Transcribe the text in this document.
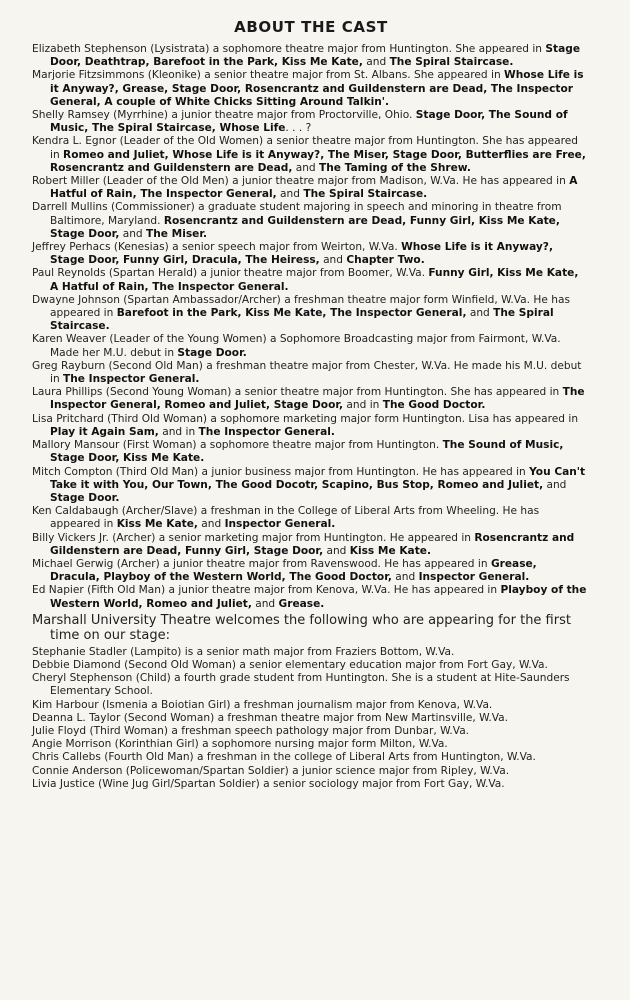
ABOUT THE CAST

Elizabeth Stephenson (Lysistrata) a sophomore theatre major from Huntington. She appeared in Stage Door, Deathtrap, Barefoot in the Park, Kiss Me Kate, and The Spiral Staircase.

Marjorie Fitzsimmons (Kleonike) a senior theatre major from St. Albans. She appeared in Whose Life is it Anyway?, Grease, Stage Door, Rosencrantz and Guildenstern are Dead, The Inspector General, A couple of White Chicks Sitting Around Talkin'.

Shelly Ramsey (Myrrhine) a junior theatre major from Proctorville, Ohio. Stage Door, The Sound of Music, The Spiral Staircase, Whose Life. . . ?

Kendra L. Egnor (Leader of the Old Women) a senior theatre major from Huntington. She has appeared in Romeo and Juliet, Whose Life is it Anyway?, The Miser, Stage Door, Butterflies are Free, Rosencrantz and Guildenstern are Dead, and The Taming of the Shrew.

Robert Miller (Leader of the Old Men) a junior theatre major from Madison, W.Va. He has appeared in A Hatful of Rain, The Inspector General, and The Spiral Staircase.

Darrell Mullins (Commissioner) a graduate student majoring in speech and minoring in theatre from Baltimore, Maryland. Rosencrantz and Guildenstern are Dead, Funny Girl, Kiss Me Kate, Stage Door, and The Miser.

Jeffrey Perhacs (Kenesias) a senior speech major from Weirton, W.Va. Whose Life is it Anyway?, Stage Door, Funny Girl, Dracula, The Heiress, and Chapter Two.

Paul Reynolds (Spartan Herald) a junior theatre major from Boomer, W.Va. Funny Girl, Kiss Me Kate, A Hatful of Rain, The Inspector General.

Dwayne Johnson (Spartan Ambassador/Archer) a freshman theatre major form Winfield, W.Va. He has appeared in Barefoot in the Park, Kiss Me Kate, The Inspector General, and The Spiral Staircase.

Karen Weaver (Leader of the Young Women) a Sophomore Broadcasting major from Fairmont, W.Va. Made her M.U. debut in Stage Door.

Greg Rayburn (Second Old Man) a freshman theatre major from Chester, W.Va. He made his M.U. debut in The Inspector General.

Laura Phillips (Second Young Woman) a senior theatre major from Huntington. She has appeared in The Inspector General, Romeo and Juliet, Stage Door, and in The Good Doctor.

Lisa Pritchard (Third Old Woman) a sophomore marketing major form Huntington. Lisa has appeared in Play it Again Sam, and in The Inspector General.

Mallory Mansour (First Woman) a sophomore theatre major from Huntington. The Sound of Music, Stage Door, Kiss Me Kate.

Mitch Compton (Third Old Man) a junior business major from Huntington. He has appeared in You Can't Take it with You, Our Town, The Good Docotr, Scapino, Bus Stop, Romeo and Juliet, and Stage Door.

Ken Caldabaugh (Archer/Slave) a freshman in the College of Liberal Arts from Wheeling. He has appeared in Kiss Me Kate, and Inspector General.

Billy Vickers Jr. (Archer) a senior marketing major from Huntington. He appeared in Rosencrantz and Gildenstern are Dead, Funny Girl, Stage Door, and Kiss Me Kate.

Michael Gerwig (Archer) a junior theatre major from Ravenswood. He has appeared in Grease, Dracula, Playboy of the Western World, The Good Doctor, and Inspector General.

Ed Napier (Fifth Old Man) a junior theatre major from Kenova, W.Va. He has appeared in Playboy of the Western World, Romeo and Juliet, and Grease.

Marshall University Theatre welcomes the following who are appearing for the first time on our stage:

Stephanie Stadler (Lampito) is a senior math major from Fraziers Bottom, W.Va.

Debbie Diamond (Second Old Woman) a senior elementary education major from Fort Gay, W.Va.

Cheryl Stephenson (Child) a fourth grade student from Huntington. She is a student at Hite-Saunders Elementary School.

Kim Harbour (Ismenia a Boiotian Girl) a freshman journalism major from Kenova, W.Va.

Deanna L. Taylor (Second Woman) a freshman theatre major from New Martinsville, W.Va.

Julie Floyd (Third Woman) a freshman speech pathology major from Dunbar, W.Va.

Angie Morrison (Korinthian Girl) a sophomore nursing major form Milton, W.Va.

Chris Callebs (Fourth Old Man) a freshman in the college of Liberal Arts from Huntington, W.Va.

Connie Anderson (Policewoman/Spartan Soldier) a junior science major from Ripley, W.Va.

Livia Justice (Wine Jug Girl/Spartan Soldier) a senior sociology major from Fort Gay, W.Va.
